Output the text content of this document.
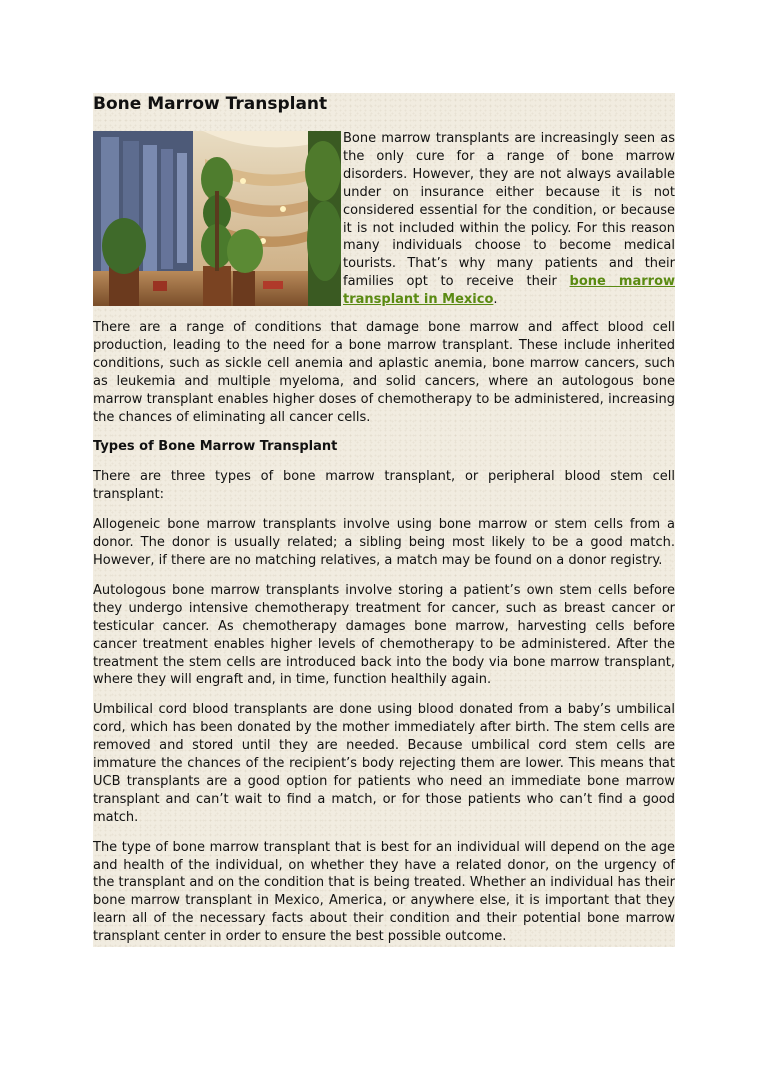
Bone Marrow Transplant

Bone marrow transplants are increasingly seen as the only cure for a range of bone marrow disorders. However, they are not always available under on insurance either because it is not considered essential for the condition, or because it is not included within the policy. For this reason many individuals choose to become medical tourists. That’s why many patients and their families opt to receive their bone marrow transplant in Mexico.

There are a range of conditions that damage bone marrow and affect blood cell production, leading to the need for a bone marrow transplant. These include inherited conditions, such as sickle cell anemia and aplastic anemia, bone marrow cancers, such as leukemia and multiple myeloma, and solid cancers, where an autologous bone marrow transplant enables higher doses of chemotherapy to be administered, increasing the chances of eliminating all cancer cells.

Types of Bone Marrow Transplant

There are three types of bone marrow transplant, or peripheral blood stem cell transplant:

Allogeneic bone marrow transplants involve using bone marrow or stem cells from a donor. The donor is usually related; a sibling being most likely to be a good match. However, if there are no matching relatives, a match may be found on a donor registry.

Autologous bone marrow transplants involve storing a patient’s own stem cells before they undergo intensive chemotherapy treatment for cancer, such as breast cancer or testicular cancer. As chemotherapy damages bone marrow, harvesting cells before cancer treatment enables higher levels of chemotherapy to be administered. After the treatment the stem cells are introduced back into the body via bone marrow transplant, where they will engraft and, in time, function healthily again.

Umbilical cord blood transplants are done using blood donated from a baby’s umbilical cord, which has been donated by the mother immediately after birth. The stem cells are removed and stored until they are needed. Because umbilical cord stem cells are immature the chances of the recipient’s body rejecting them are lower. This means that UCB transplants are a good option for patients who need an immediate bone marrow transplant and can’t wait to find a match, or for those patients who can’t find a good match.

The type of bone marrow transplant that is best for an individual will depend on the age and health of the individual, on whether they have a related donor, on the urgency of the transplant and on the condition that is being treated. Whether an individual has their bone marrow transplant in Mexico, America, or anywhere else, it is important that they learn all of the necessary facts about their condition and their potential bone marrow transplant center in order to ensure the best possible outcome.
